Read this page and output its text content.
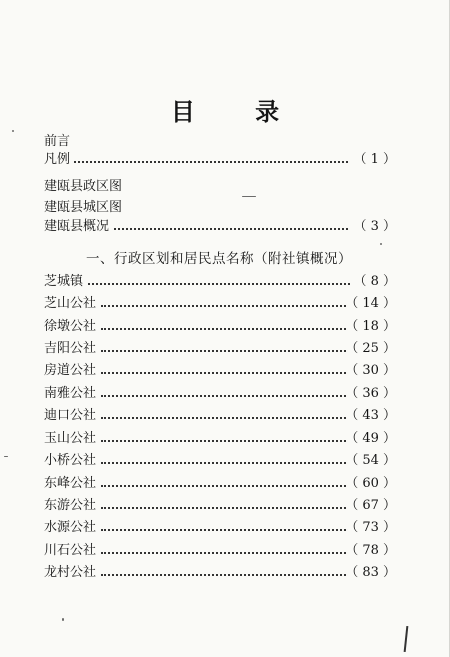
目 录
前言
凡例	（ 1 ）
建瓯县政区图
建瓯县城区图
建瓯县概况	（ 3 ）
一、行政区划和居民点名称（附社镇概况）
芝城镇	（ 8 ）
芝山公社	（ 14 ）
徐墩公社	（ 18 ）
吉阳公社	（ 25 ）
房道公社	（ 30 ）
南雅公社	（ 36 ）
迪口公社	（ 43 ）
玉山公社	（ 49 ）
小桥公社	（ 54 ）
东峰公社	（ 60 ）
东游公社	（ 67 ）
水源公社	（ 73 ）
川石公社	（ 78 ）
龙村公社	（ 83 ）
